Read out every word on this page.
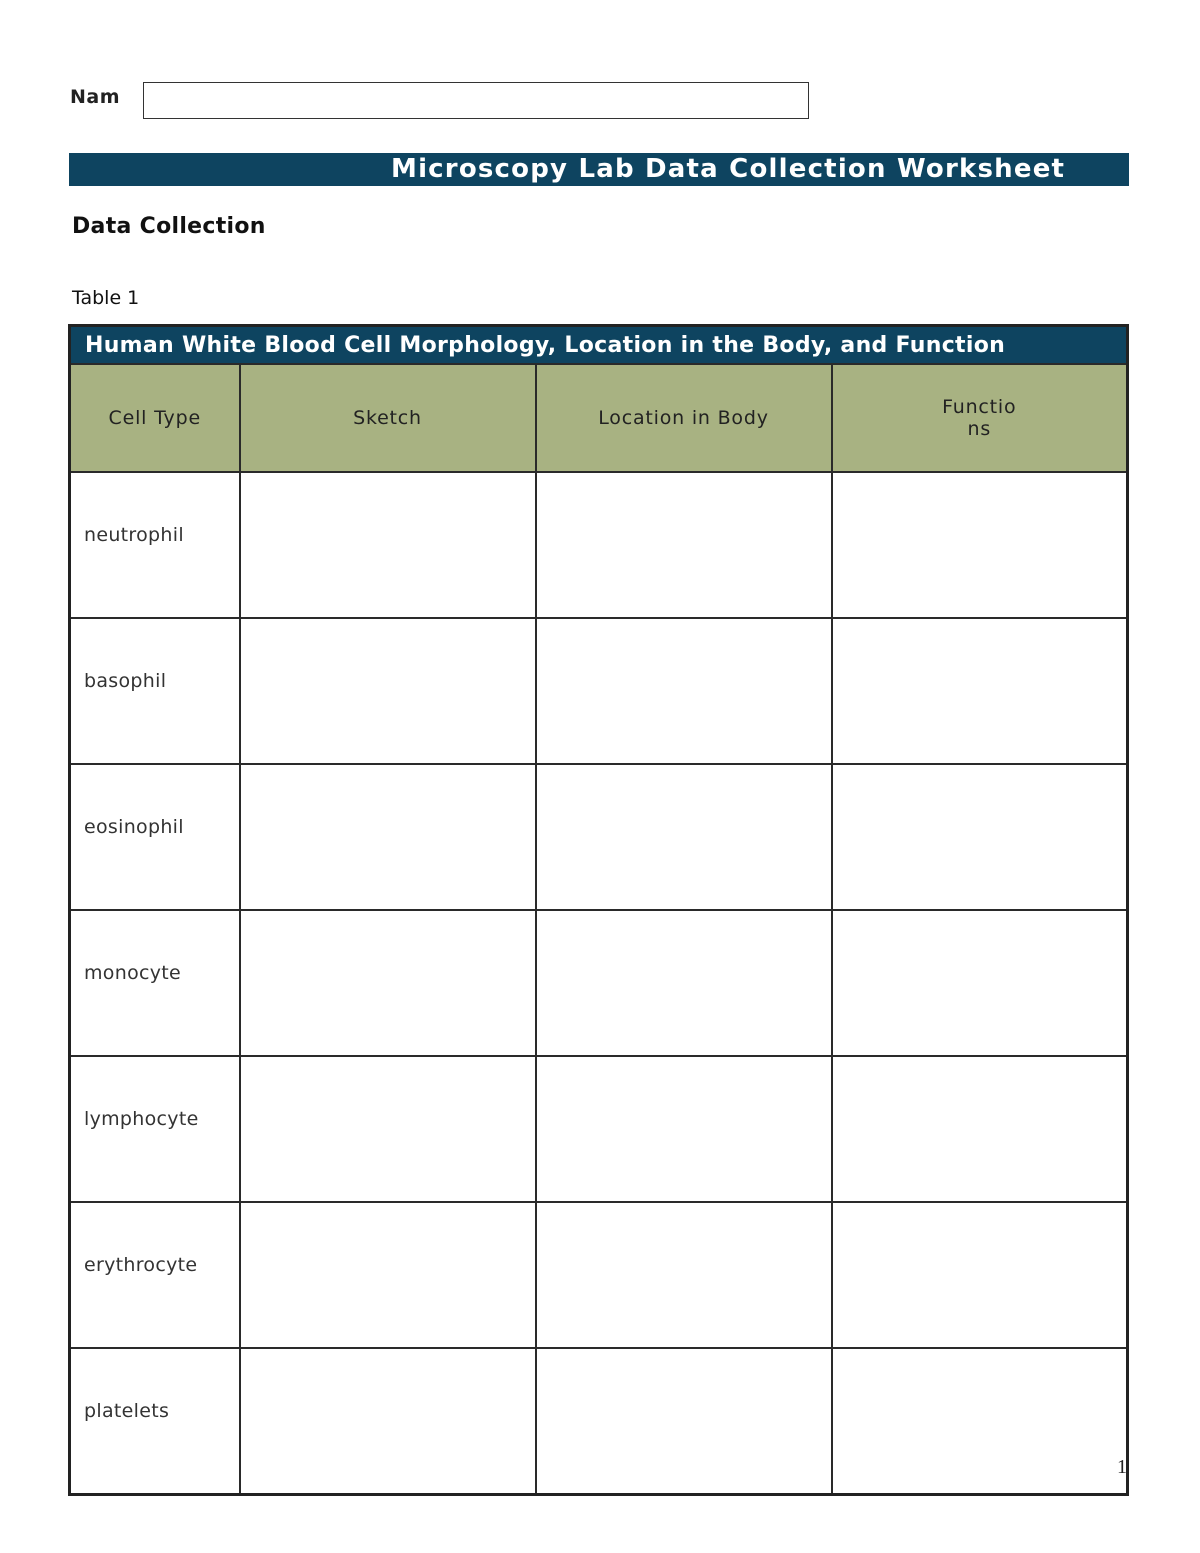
Nam
Microscopy Lab Data Collection Worksheet
Data Collection
Table 1
Human White Blood Cell Morphology, Location in the Body, and Function			
Cell Type	Sketch	Location in Body	Functio
ns
neutrophil			
basophil			
eosinophil			
monocyte			
lymphocyte			
erythrocyte			
platelets			
1
